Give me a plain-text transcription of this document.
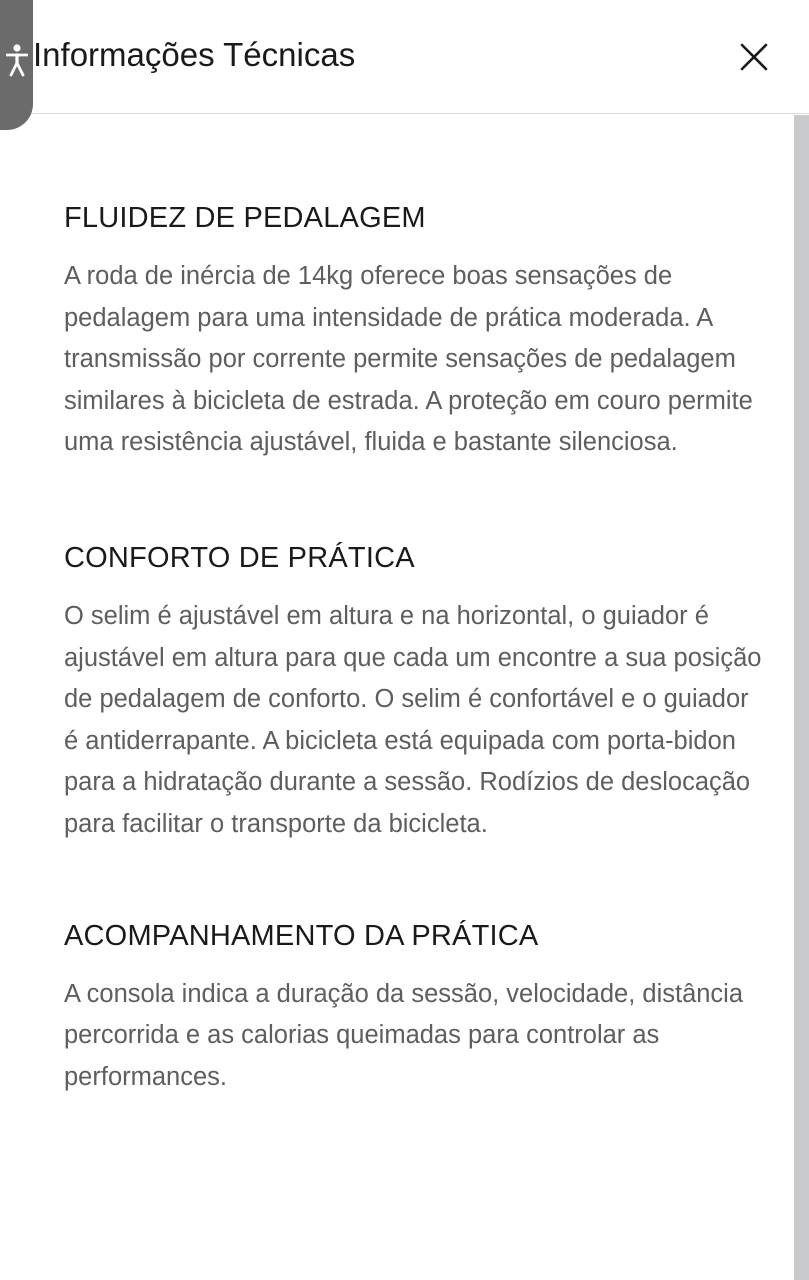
Informações Técnicas
FLUIDEZ DE PEDALAGEM

A roda de inércia de 14kg oferece boas sensações de pedalagem para uma intensidade de prática moderada. A transmissão por corrente permite sensações de pedalagem similares à bicicleta de estrada. A proteção em couro permite uma resistência ajustável, fluida e bastante silenciosa.

CONFORTO DE PRÁTICA

O selim é ajustável em altura e na horizontal, o guiador é ajustável em altura para que cada um encontre a sua posição de pedalagem de conforto. O selim é confortável e o guiador é antiderrapante. A bicicleta está equipada com porta-bidon para a hidratação durante a sessão. Rodízios de deslocação para facilitar o transporte da bicicleta.

ACOMPANHAMENTO DA PRÁTICA

A consola indica a duração da sessão, velocidade, distância percorrida e as calorias queimadas para controlar as performances.
